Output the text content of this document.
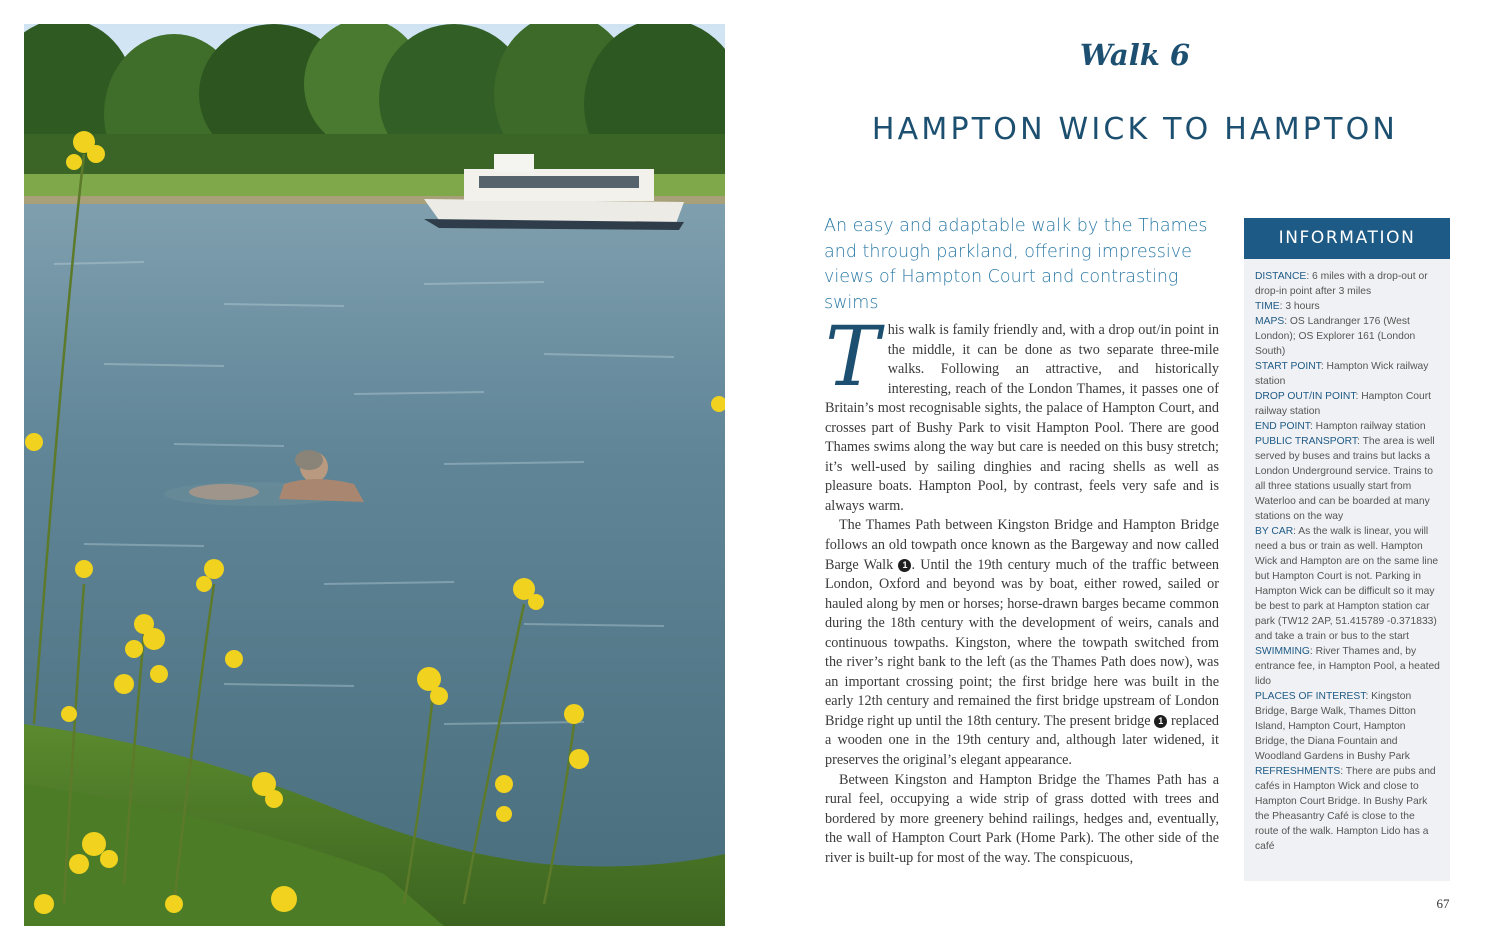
Walk 6
HAMPTON WICK TO HAMPTON

An easy and adaptable walk by the Thames and through parkland, offering impressive views of Hampton Court and contrasting swims

This walk is family friendly and, with a drop out/in point in the middle, it can be done as two separate three-mile walks. Following an attractive, and historically interesting, reach of the London Thames, it passes one of Britain’s most recognisable sights, the palace of Hampton Court, and crosses part of Bushy Park to visit Hampton Pool. There are good Thames swims along the way but care is needed on this busy stretch; it’s well-used by sailing dinghies and racing shells as well as pleasure boats. Hampton Pool, by contrast, feels very safe and is always warm.

The Thames Path between Kingston Bridge and Hampton Bridge follows an old towpath once known as the Bargeway and now called Barge Walk 1 . Until the 19th century much of the traffic between London, Oxford and beyond was by boat, either rowed, sailed or hauled along by men or horses; horse-drawn barges became common during the 18th century with the development of weirs, canals and continuous towpaths. Kingston, where the towpath switched from the river’s right bank to the left (as the Thames Path does now), was an important crossing point; the first bridge here was built in the early 12th century and remained the first bridge upstream of London Bridge right up until the 18th century. The present bridge 1 replaced a wooden one in the 19th century and, although later widened, it preserves the original’s elegant appearance.

Between Kingston and Hampton Bridge the Thames Path has a rural feel, occupying a wide strip of grass dotted with trees and bordered by more greenery behind railings, hedges and, eventually, the wall of Hampton Court Park (Home Park). The other side of the river is built-up for most of the way. The conspicuous,

INFORMATION

DISTANCE: 6 miles with a drop-out or drop-in point after 3 miles

TIME: 3 hours

MAPS: OS Landranger 176 (West London); OS Explorer 161 (London South)

START POINT: Hampton Wick railway station

DROP OUT/IN POINT: Hampton Court railway station

END POINT: Hampton railway station

PUBLIC TRANSPORT: The area is well served by buses and trains but lacks a London Underground service. Trains to all three stations usually start from Waterloo and can be boarded at many stations on the way

BY CAR: As the walk is linear, you will need a bus or train as well. Hampton Wick and Hampton are on the same line but Hampton Court is not. Parking in Hampton Wick can be difficult so it may be best to park at Hampton station car park (TW12 2AP, 51.415789 -0.371833) and take a train or bus to the start

SWIMMING: River Thames and, by entrance fee, in Hampton Pool, a heated lido

PLACES OF INTEREST: Kingston Bridge, Barge Walk, Thames Ditton Island, Hampton Court, Hampton Bridge, the Diana Fountain and Woodland Gardens in Bushy Park

REFRESHMENTS: There are pubs and cafés in Hampton Wick and close to Hampton Court Bridge. In Bushy Park the Pheasantry Café is close to the route of the walk. Hampton Lido has a café

67
